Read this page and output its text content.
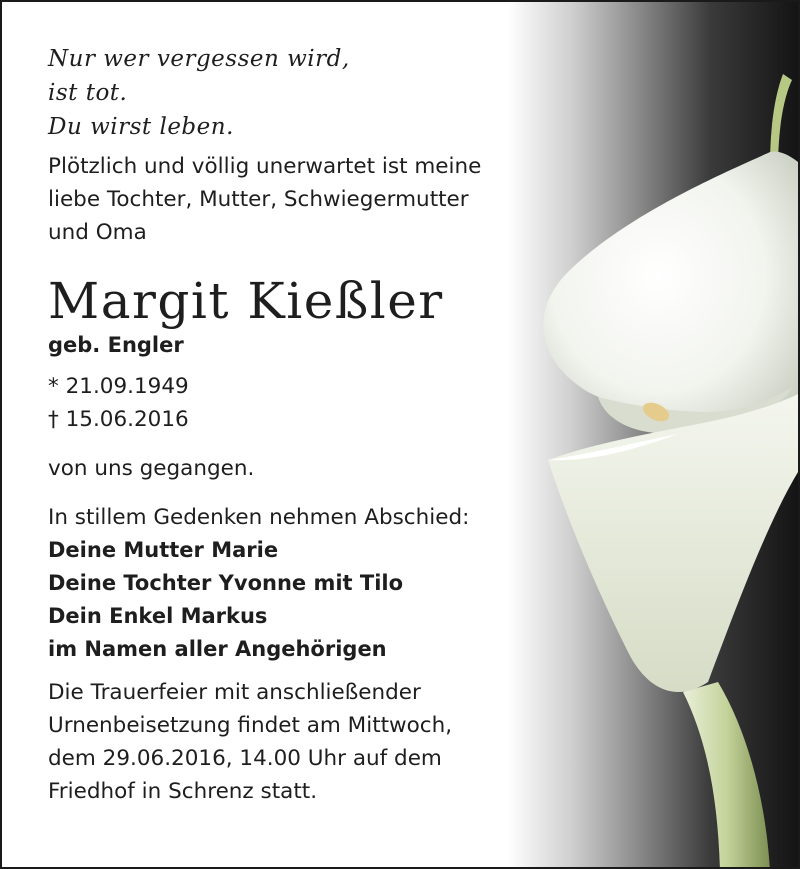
Nur wer vergessen wird,
ist tot.
Du wirst leben.
Plötzlich und völlig unerwartet ist meine
liebe Tochter, Mutter, Schwiegermutter
und Oma
Margit Kießler
geb. Engler
* 21.09.1949
† 15.06.2016
von uns gegangen.
In stillem Gedenken nehmen Abschied:
Deine Mutter Marie
Deine Tochter Yvonne mit Tilo
Dein Enkel Markus
im Namen aller Angehörigen
Die Trauerfeier mit anschließender
Urnenbeisetzung findet am Mittwoch,
dem 29.06.2016, 14.00 Uhr auf dem
Friedhof in Schrenz statt.
